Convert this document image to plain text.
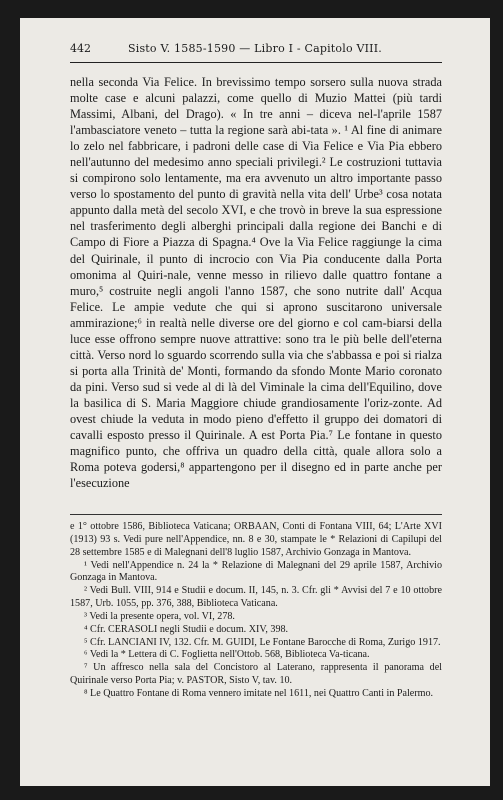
442	Sisto V. 1585-1590 — Libro I - Capitolo VIII.

nella seconda Via Felice. In brevissimo tempo sorsero sulla nuova strada molte case e alcuni palazzi, come quello di Muzio Mattei (più tardi Massimi, Albani, del Drago). « In tre anni – diceva nel-l'aprile 1587 l'ambasciatore veneto – tutta la regione sarà abi-tata ». ¹ Al fine di animare lo zelo nel fabbricare, i padroni delle case di Via Felice e Via Pia ebbero nell'autunno del medesimo anno speciali privilegi.² Le costruzioni tuttavia si compirono solo lentamente, ma era avvenuto un altro importante passo verso lo spostamento del punto di gravità nella vita dell' Urbe³ cosa notata appunto dalla metà del secolo XVI, e che trovò in breve la sua espressione nel trasferimento degli alberghi principali dalla regione dei Banchi e di Campo di Fiore a Piazza di Spagna.⁴ Ove la Via Felice raggiunge la cima del Quirinale, il punto di incrocio con Via Pia conducente dalla Porta omonima al Quiri-nale, venne messo in rilievo dalle quattro fontane a muro,⁵ costruite negli angoli l'anno 1587, che sono nutrite dall' Acqua Felice. Le ampie vedute che qui si aprono suscitarono universale ammirazione;⁶ in realtà nelle diverse ore del giorno e col cam-biarsi della luce esse offrono sempre nuove attrattive: sono tra le più belle dell'eterna città. Verso nord lo sguardo scorrendo sulla via che s'abbassa e poi si rialza si porta alla Trinità de' Monti, formando da sfondo Monte Mario coronato da pini. Verso sud si vede al di là del Viminale la cima dell'Equilino, dove la basilica di S. Maria Maggiore chiude grandiosamente l'oriz-zonte. Ad ovest chiude la veduta in modo pieno d'effetto il gruppo dei domatori di cavalli esposto presso il Quirinale. A est Porta Pia.⁷ Le fontane in questo magnifico punto, che offriva un quadro della città, quale allora solo a Roma poteva godersi,⁸ appartengono per il disegno ed in parte anche per l'esecuzione

e 1° ottobre 1586, Biblioteca Vaticana; ORBAAN, Conti di Fontana VIII, 64; L'Arte XVI (1913) 93 s. Vedi pure nell'Appendice, nn. 8 e 30, stampate le * Relazioni di Capilupi del 28 settembre 1585 e di Malegnani dell'8 luglio 1587, Archivio Gonzaga in Mantova.

¹ Vedi nell'Appendice n. 24 la * Relazione di Malegnani del 29 aprile 1587, Archivio Gonzaga in Mantova.

² Vedi Bull. VIII, 914 e Studii e docum. II, 145, n. 3. Cfr. gli * Avvisi del 7 e 10 ottobre 1587, Urb. 1055, pp. 376, 388, Biblioteca Vaticana.

³ Vedi la presente opera, vol. VI, 278.

⁴ Cfr. CERASOLI negli Studii e docum. XIV, 398.

⁵ Cfr. LANCIANI IV, 132. Cfr. M. GUIDI, Le Fontane Barocche di Roma, Zurigo 1917.

⁶ Vedi la * Lettera di C. Foglietta nell'Ottob. 568, Biblioteca Va-ticana.

⁷ Un affresco nella sala del Concistoro al Laterano, rappresenta il panorama del Quirinale verso Porta Pia; v. PASTOR, Sisto V, tav. 10.

⁸ Le Quattro Fontane di Roma vennero imitate nel 1611, nei Quattro Canti in Palermo.
